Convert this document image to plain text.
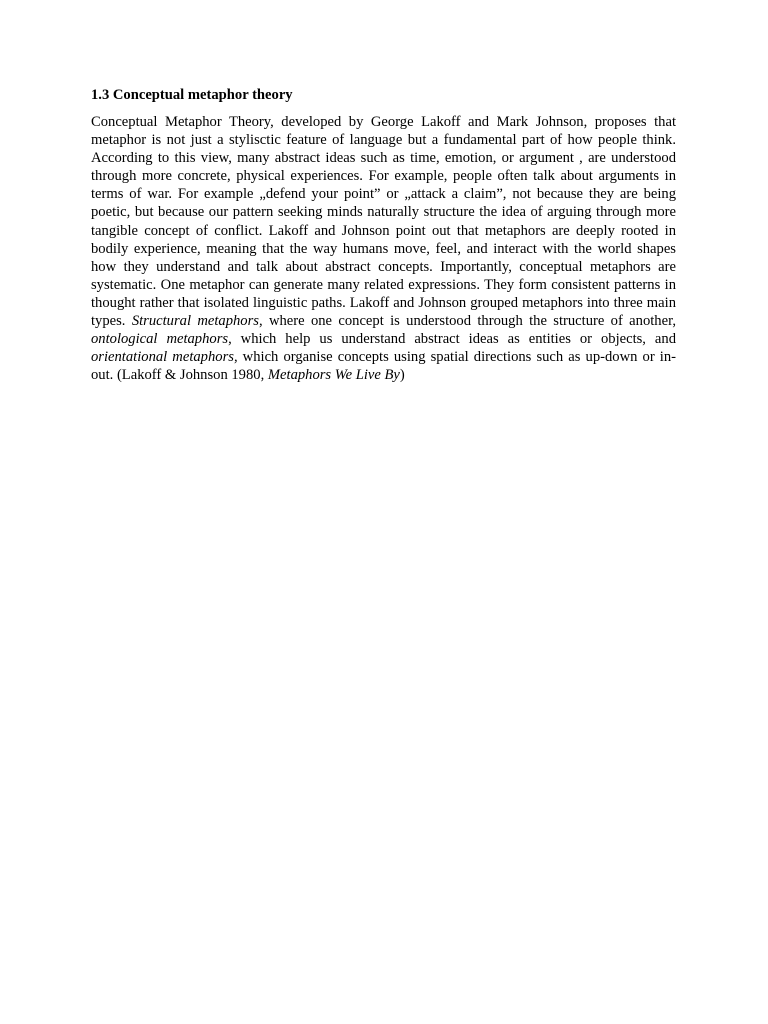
1.3 Conceptual metaphor theory

Conceptual Metaphor Theory, developed by George Lakoff and Mark Johnson, proposes that metaphor is not just a stylisctic feature of language but a fundamental part of how people think. According to this view, many abstract ideas such as time, emotion, or argument , are understood through more concrete, physical experiences. For example, people often talk about arguments in terms of war. For example „defend your point” or „attack a claim”, not because they are being poetic, but because our pattern seeking minds naturally structure the idea of arguing through more tangible concept of conflict. Lakoff and Johnson point out that metaphors are deeply rooted in bodily experience, meaning that the way humans move, feel, and interact with the world shapes how they understand and talk about abstract concepts. Importantly, conceptual metaphors are systematic. One metaphor can generate many related expressions. They form consistent patterns in thought rather that isolated linguistic paths. Lakoff and Johnson grouped metaphors into three main types. Structural metaphors, where one concept is understood through the structure of another, ontological metaphors, which help us understand abstract ideas as entities or objects, and orientational metaphors, which organise concepts using spatial directions such as up-down or in-out. (Lakoff & Johnson 1980, Metaphors We Live By)
